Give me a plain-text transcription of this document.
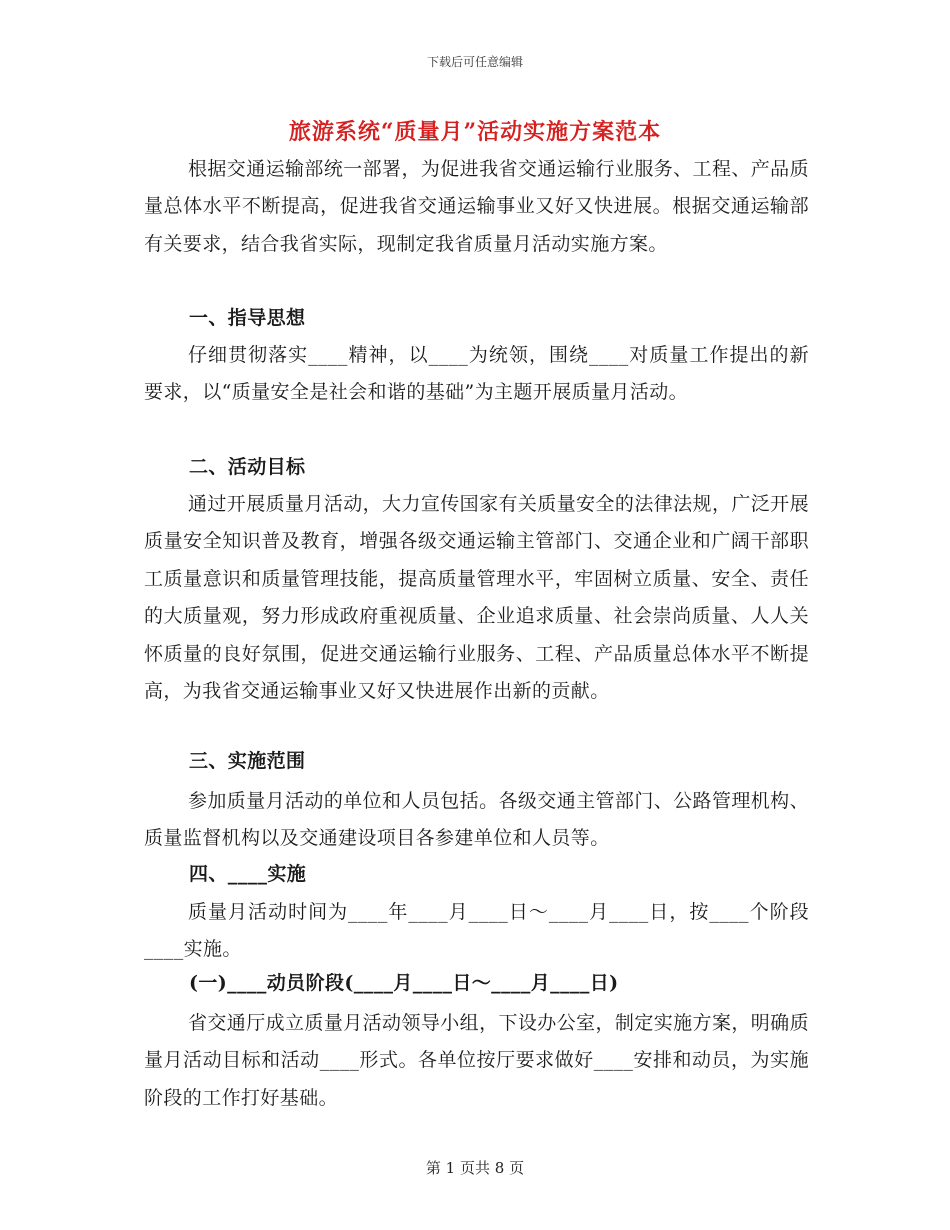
下载后可任意编辑
旅游系统“质量月”活动实施方案范本

根据交通运输部统一部署，为促进我省交通运输行业服务、工程、产品质量总体水平不断提高，促进我省交通运输事业又好又快进展。根据交通运输部有关要求，结合我省实际，现制定我省质量月活动实施方案。

一、指导思想

仔细贯彻落实____精神，以____为统领，围绕____对质量工作提出的新要求，以“质量安全是社会和谐的基础”为主题开展质量月活动。

二、活动目标

通过开展质量月活动，大力宣传国家有关质量安全的法律法规，广泛开展质量安全知识普及教育，增强各级交通运输主管部门、交通企业和广阔干部职工质量意识和质量管理技能，提高质量管理水平，牢固树立质量、安全、责任的大质量观，努力形成政府重视质量、企业追求质量、社会崇尚质量、人人关怀质量的良好氛围，促进交通运输行业服务、工程、产品质量总体水平不断提高，为我省交通运输事业又好又快进展作出新的贡献。

三、实施范围

参加质量月活动的单位和人员包括。各级交通主管部门、公路管理机构、质量监督机构以及交通建设项目各参建单位和人员等。

四、____实施

质量月活动时间为____年____月____日～____月____日，按____个阶段____实施。

(一)____动员阶段(____月____日～____月____日)

省交通厅成立质量月活动领导小组，下设办公室，制定实施方案，明确质量月活动目标和活动____形式。各单位按厅要求做好____安排和动员，为实施阶段的工作打好基础。

第 1 页共 8 页
